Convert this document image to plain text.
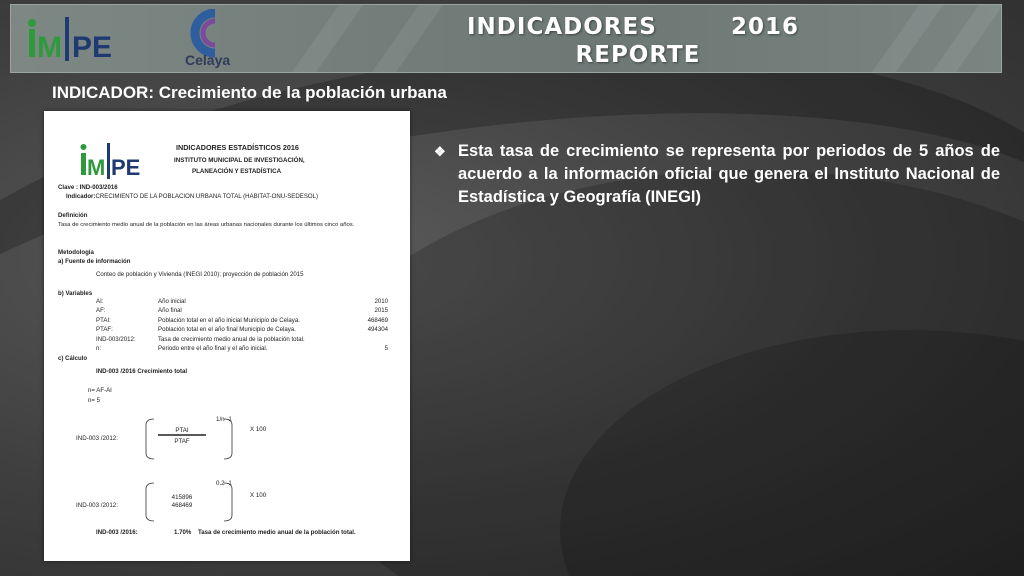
M PE	Celaya
INDICADORES	2016
REPORTE
INDICADOR: Crecimiento de la población urbana
M PE
INDICADORES ESTADÍSTICOS 2016
INSTITUTO MUNICIPAL DE INVESTIGACIÓN,
PLANEACIÓN Y ESTADÍSTICA
Clave : IND-003/2016
Indicador:CRECIMIENTO DE LA POBLACION URBANA TOTAL (HABITAT-ONU-SEDESOL)
Definición
Tasa de crecimiento medio anual de la población en las áreas urbanas nacionales durante los últimos cinco años.
Metodología
a) Fuente de información
Conteo de población y Vivienda (INEGI 2010); proyección de población 2015
b) Variables
AI:	Año inicial	2010
AF:	Año final	2015
PTAI:	Población total en el año inicial Municipio de Celaya.	468469
PTAF:	Población total en el año final Municipio de Celaya.	494304
IND-003/2012:	Tasa de crecimiento medio anual de la población total.
n:	Periodo entre el año final y el año inicial.	5
c) Cálculo
IND-003 /2016 Crecimiento total
n= AF-AI
n= 5
IND-003 /2012:
PTAI
PTAF
1/n -1
X 100
IND-003 /2012:
415896
468469
0.2 -1
X 100
IND-003 /2016:	1.70% Tasa de crecimiento medio anual de la población total.
❖ Esta tasa de crecimiento se representa por periodos de 5 años de acuerdo a la información oficial que genera el Instituto Nacional de Estadística y Geografía (INEGI)
